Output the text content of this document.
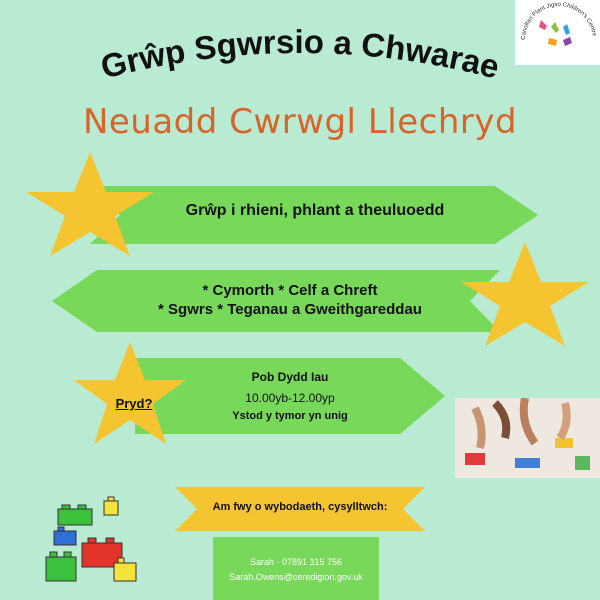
Grŵp Sgwrsio a Chwarae
Neuadd Cwrwgl Llechryd
Canolfan Plant Jigso Children's Centre
Grŵp i rhieni, phlant a theuluoedd
* Cymorth * Celf a Chreft
* Sgwrs * Teganau a Gweithgareddau
Pryd?
Pob Dydd Iau
10.00yb-12.00yp
Ystod y tymor yn unig
Am fwy o wybodaeth, cysylltwch:
Sarah - 07891 315 756
Sarah.Owens@ceredigion.gov.uk
